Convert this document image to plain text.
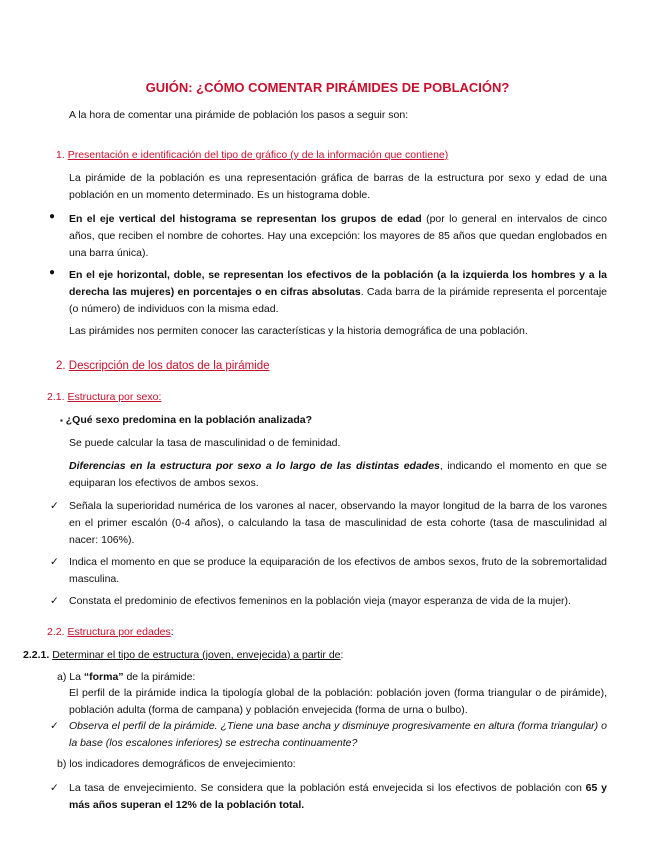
GUIÓN: ¿CÓMO COMENTAR PIRÁMIDES DE POBLACIÓN?
A la hora de comentar una pirámide de población los pasos a seguir son:
1. Presentación e identificación del tipo de gráfico (y de la información que contiene)
La pirámide de la población es una representación gráfica de barras de la estructura por sexo y edad de una población en un momento determinado. Es un histograma doble.
● En el eje vertical del histograma se representan los grupos de edad (por lo general en intervalos de cinco años, que reciben el nombre de cohortes. Hay una excepción: los mayores de 85 años que quedan englobados en una barra única).
● En el eje horizontal, doble, se representan los efectivos de la población (a la izquierda los hombres y a la derecha las mujeres) en porcentajes o en cifras absolutas. Cada barra de la pirámide representa el porcentaje (o número) de individuos con la misma edad.
Las pirámides nos permiten conocer las características y la historia demográfica de una población.
2. Descripción de los datos de la pirámide
2.1. Estructura por sexo:
▪ ¿Qué sexo predomina en la población analizada?
Se puede calcular la tasa de masculinidad o de feminidad.
Diferencias en la estructura por sexo a lo largo de las distintas edades, indicando el momento en que se equiparan los efectivos de ambos sexos.
✓ Señala la superioridad numérica de los varones al nacer, observando la mayor longitud de la barra de los varones en el primer escalón (0-4 años), o calculando la tasa de masculinidad de esta cohorte (tasa de masculinidad al nacer: 106%).
✓ Indica el momento en que se produce la equiparación de los efectivos de ambos sexos, fruto de la sobremortalidad masculina.
✓ Constata el predominio de efectivos femeninos en la población vieja (mayor esperanza de vida de la mujer).
2.2. Estructura por edades:
2.2.1. Determinar el tipo de estructura (joven, envejecida) a partir de:
a) La “forma” de la pirámide:
El perfil de la pirámide indica la tipología global de la población: población joven (forma triangular o de pirámide), población adulta (forma de campana) y población envejecida (forma de urna o bulbo).
✓ Observa el perfil de la pirámide. ¿Tiene una base ancha y disminuye progresivamente en altura (forma triangular) o la base (los escalones inferiores) se estrecha continuamente?
b) los indicadores demográficos de envejecimiento:
✓ La tasa de envejecimiento. Se considera que la población está envejecida si los efectivos de población con 65 y más años superan el 12% de la población total.
